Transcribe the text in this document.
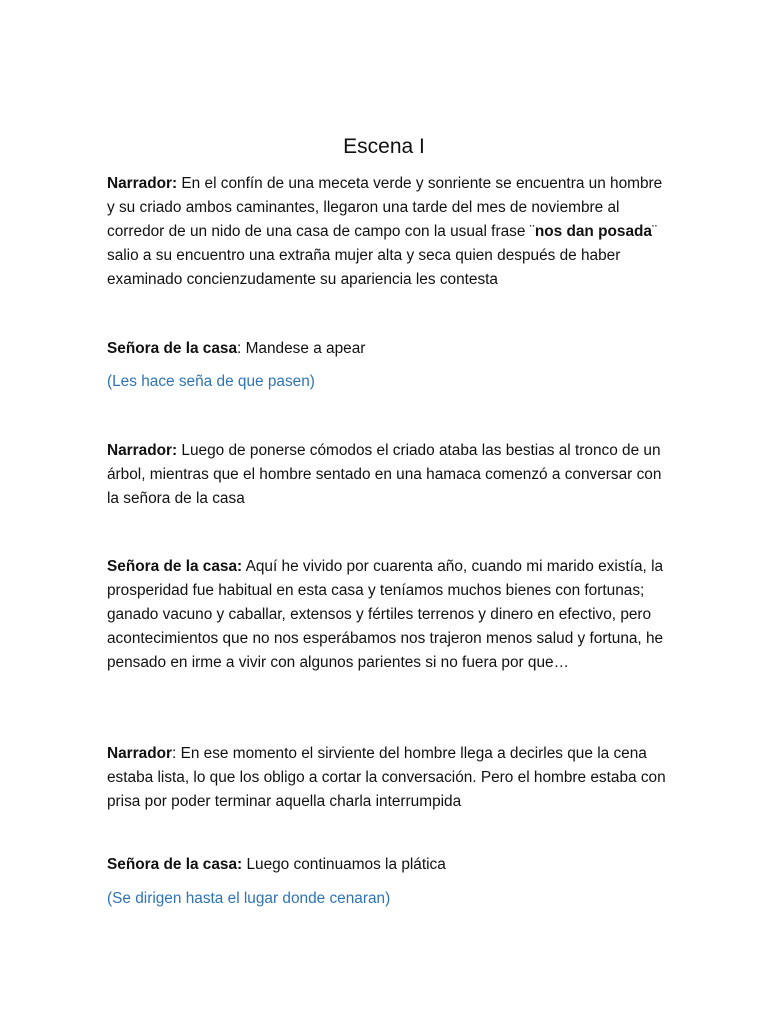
Escena I

Narrador: En el confín de una meceta verde y sonriente se encuentra un hombre y su criado ambos caminantes, llegaron una tarde del mes de noviembre al corredor de un nido de una casa de campo con la usual frase ¨nos dan posada¨ salio a su encuentro una extraña mujer alta y seca quien después de haber examinado concienzudamente su apariencia les contesta

Señora de la casa: Mandese a apear

(Les hace seña de que pasen)

Narrador: Luego de ponerse cómodos el criado ataba las bestias al tronco de un árbol, mientras que el hombre sentado en una hamaca comenzó a conversar con la señora de la casa

Señora de la casa: Aquí he vivido por cuarenta año, cuando mi marido existía, la prosperidad fue habitual en esta casa y teníamos muchos bienes con fortunas; ganado vacuno y caballar, extensos y fértiles terrenos y dinero en efectivo, pero acontecimientos que no nos esperábamos nos trajeron menos salud y fortuna, he pensado en irme a vivir con algunos parientes si no fuera por que…

Narrador: En ese momento el sirviente del hombre llega a decirles que la cena estaba lista, lo que los obligo a cortar la conversación. Pero el hombre estaba con prisa por poder terminar aquella charla interrumpida

Señora de la casa: Luego continuamos la plática

(Se dirigen hasta el lugar donde cenaran)
